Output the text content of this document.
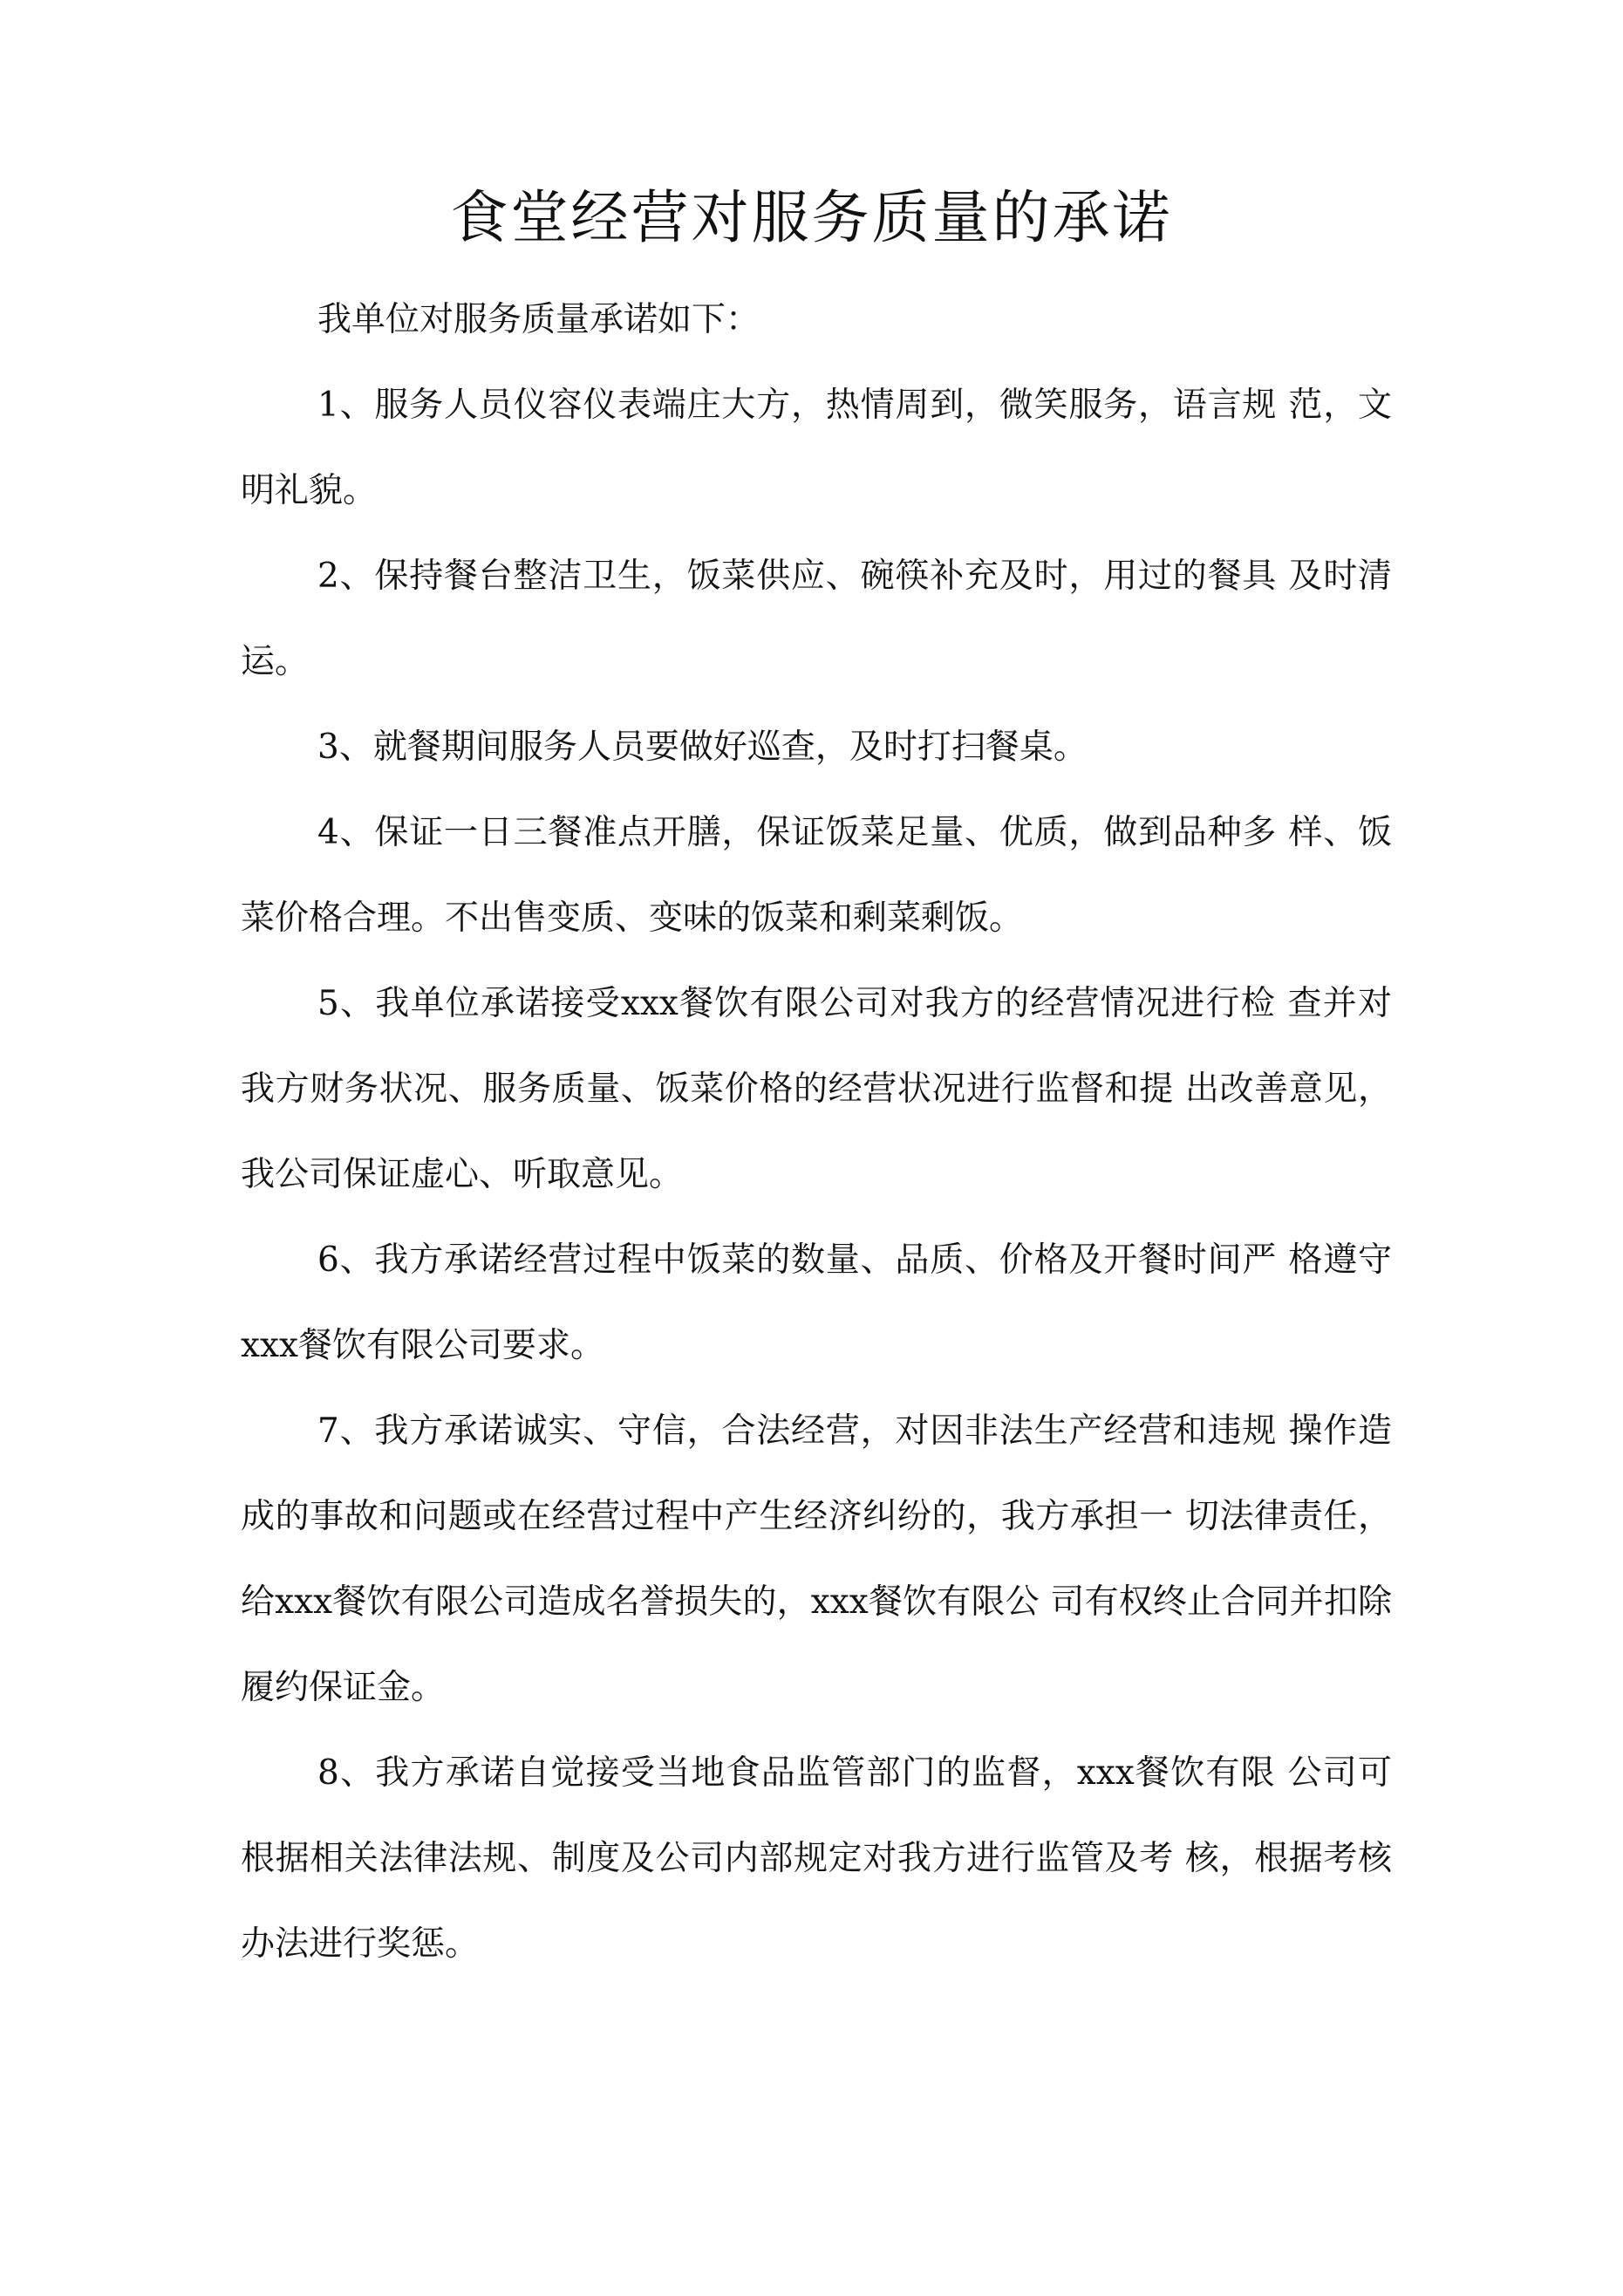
食堂经营对服务质量的承诺

我单位对服务质量承诺如下：

1、服务人员仪容仪表端庄大方，热情周到，微笑服务，语言规 范，文明礼貌。

2、保持餐台整洁卫生，饭菜供应、碗筷补充及时，用过的餐具 及时清运。

3、就餐期间服务人员要做好巡查，及时打扫餐桌。

4、保证一日三餐准点开膳，保证饭菜足量、优质，做到品种多 样、饭菜价格合理。不出售变质、变味的饭菜和剩菜剩饭。

5、我单位承诺接受xxx餐饮有限公司对我方的经营情况进行检 查并对我方财务状况、服务质量、饭菜价格的经营状况进行监督和提 出改善意见，我公司保证虚心、听取意见。

6、我方承诺经营过程中饭菜的数量、品质、价格及开餐时间严 格遵守xxx餐饮有限公司要求。

7、我方承诺诚实、守信，合法经营，对因非法生产经营和违规 操作造成的事故和问题或在经营过程中产生经济纠纷的，我方承担一 切法律责任，给xxx餐饮有限公司造成名誉损失的，xxx餐饮有限公 司有权终止合同并扣除履约保证金。

8、我方承诺自觉接受当地食品监管部门的监督，xxx餐饮有限 公司可根据相关法律法规、制度及公司内部规定对我方进行监管及考 核，根据考核办法进行奖惩。
